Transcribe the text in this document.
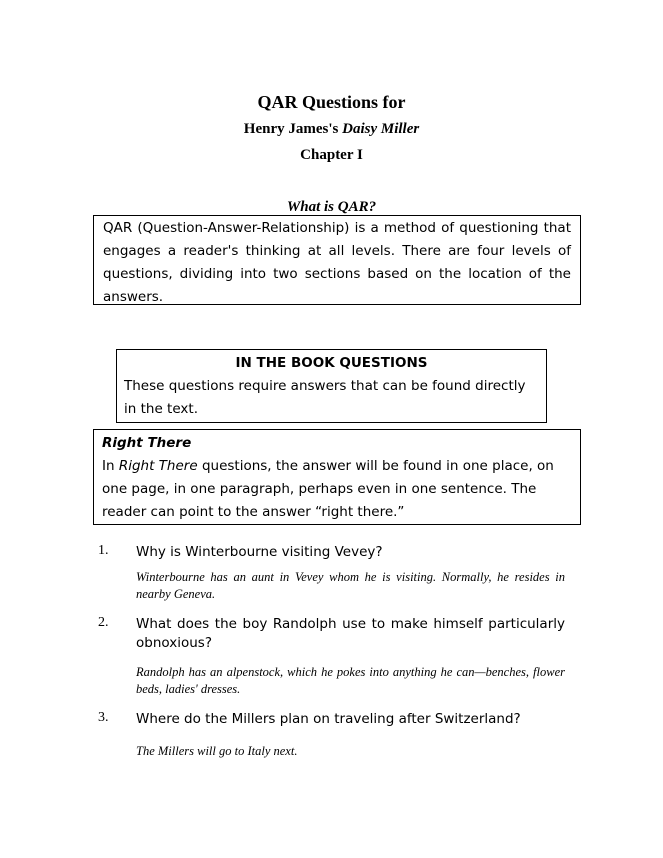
QAR Questions for
Henry James's Daisy Miller
Chapter I
What is QAR?
QAR (Question-Answer-Relationship) is a method of questioning that engages a reader's thinking at all levels. There are four levels of questions, dividing into two sections based on the location of the answers.
IN THE BOOK QUESTIONS
These questions require answers that can be found directly in the text.
Right There
In Right There questions, the answer will be found in one place, on one page, in one paragraph, perhaps even in one sentence. The reader can point to the answer “right there.”
1. Why is Winterbourne visiting Vevey?
Winterbourne has an aunt in Vevey whom he is visiting. Normally, he resides in nearby Geneva.
2. What does the boy Randolph use to make himself particularly obnoxious?
Randolph has an alpenstock, which he pokes into anything he can—benches, flower beds, ladies' dresses.
3. Where do the Millers plan on traveling after Switzerland?
The Millers will go to Italy next.
